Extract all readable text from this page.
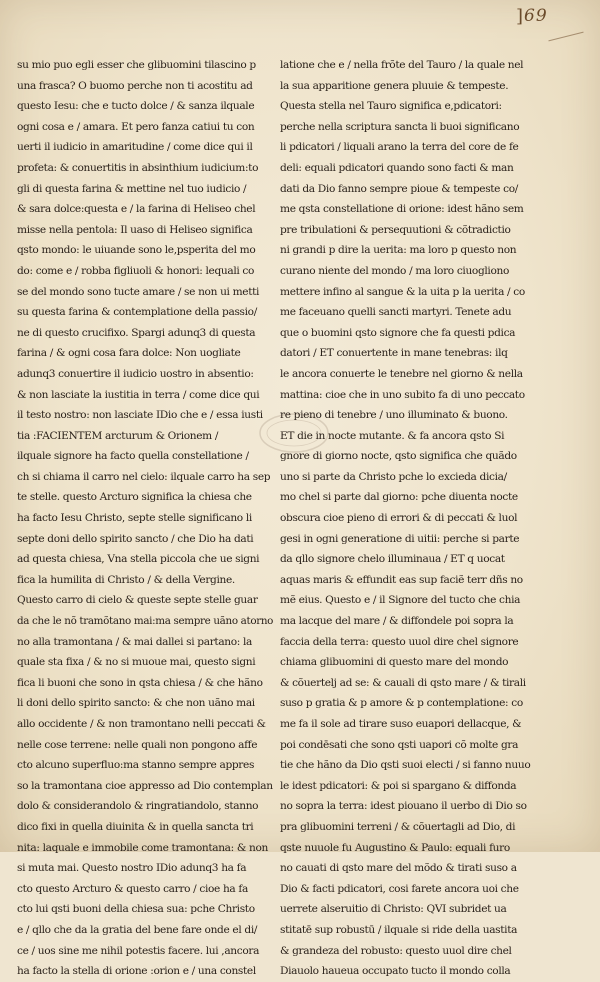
] 69
su mio puo egli esser che glibuomini tilascino p
una frasca? O buomo perche non ti acostitu ad
questo Iesu: che e tucto dolce / & sanza ilquale
ogni cosa e / amara. Et pero fanza catiui tu con
uerti il iudicio in amaritudine / come dice qui il
profeta: & conuertitis in absinthium iudicium:to
gli di questa farina & mettine nel tuo iudicio /
& sara dolce:questa e / la farina di Heliseo chel
misse nella pentola: Il uaso di Heliseo significa
qsto mondo: le uiuande sono le,psperita del mo
do: come e / robba figliuoli & honori: lequali co
se del mondo sono tucte amare / se non ui metti
su questa farina & contemplatione della passio/
ne di questo crucifixo. Spargi adunq3 di questa
farina / & ogni cosa fara dolce: Non uogliate
adunq3 conuertire il iudicio uostro in absentio:
& non lasciate la iustitia in terra / come dice qui
il testo nostro: non lasciate IDio che e / essa iusti
tia :FACIENTEM arcturum & Orionem /
ilquale signore ha facto quella constellatione /
ch si chiama il carro nel cielo: ilquale carro ha sep
te stelle. questo Arcturo significa la chiesa che
ha facto Iesu Christo, septe stelle significano li
septe doni dello spirito sancto / che Dio ha dati
ad questa chiesa, Vna stella piccola che ue signi
fica la humilita di Christo / & della Vergine.
Questo carro di cielo & queste septe stelle guar
da che le nõ tramõtano mai:ma sempre uãno atorno
no alla tramontana / & mai dallei si partano: la
quale sta fixa / & no si muoue mai, questo signi
fica li buoni che sono in qsta chiesa / & che hãno
li doni dello spirito sancto: & che non uãno mai
allo occidente / & non tramontano nelli peccati &
nelle cose terrene: nelle quali non pongono affe
cto alcuno superfluo:ma stanno sempre appres
so la tramontana cioe appresso ad Dio contemplan
dolo & considerandolo & ringratiandolo, stanno
dico fixi in quella diuinita & in quella sancta tri
nita: laquale e immobile come tramontana: & non
si muta mai. Questo nostro IDio adunq3 ha fa
cto questo Arcturo & questo carro / cioe ha fa
cto lui qsti buoni della chiesa sua: pche Christo
e / qllo che da la gratia del bene fare onde el di/
ce / uos sine me nihil potestis facere. lui ,ancora
ha facto la stella di orione :orion e / una constel
latione che e / nella frõte del Tauro / la quale nel
la sua apparitione genera pluuie & tempeste.
Questa stella nel Tauro significa e,pdicatori:
perche nella scriptura sancta li buoi significano
li pdicatori / liquali arano la terra del core de fe
deli: equali pdicatori quando sono facti & man
dati da Dio fanno sempre pioue & tempeste co/
me qsta constellatione di orione: idest hãno sem
pre tribulationi & persequutioni & cõtradictio
ni grandi p dire la uerita: ma loro p questo non
curano niente del mondo / ma loro ciuogliono
mettere infino al sangue & la uita p la uerita / co
me faceuano quelli sancti martyri. Tenete adu
que o buomini qsto signore che fa questi pdica
datori / ET conuertente in mane tenebras: ilq
le ancora conuerte le tenebre nel giorno & nella
mattina: cioe che in uno subito fa di uno peccato
re pieno di tenebre / uno illuminato & buono.
ET die in nocte mutante. & fa ancora qsto Si
gnore di giorno nocte, qsto significa che quãdo
uno si parte da Christo pche lo excieda dicia/
mo chel si parte dal giorno: pche diuenta nocte
obscura cioe pieno di errori & di peccati & luol
gesi in ogni generatione di uitii: perche si parte
da qllo signore chelo illuminaua / ET q uocat
aquas maris & effundit eas sup faciẽ terr dñs no
mẽ eius. Questo e / il Signore del tucto che chia
ma lacque del mare / & diffondele poi sopra la
faccia della terra: questo uuol dire chel signore
chiama glibuomini di questo mare del mondo
& cõuertelj ad se: & cauali di qsto mare / & tirali
suso p gratia & p amore & p contemplatione: co
me fa il sole ad tirare suso euapori dellacque, &
poi condēsati che sono qsti uapori cõ molte gra
tie che hãno da Dio qsti suoi electi / si fanno nuuo
le idest pdicatori: & poi si spargano & diffonda
no sopra la terra: idest piouano il uerbo di Dio so
pra glibuomini terreni / & cõuertagli ad Dio, di
qste nuuole fu Augustino & Paulo: equali furo
no cauati di qsto mare del mõdo & tirati suso a
Dio & facti pdicatori, cosi farete ancora uoi che
uerrete alseruitio di Christo: QVI subridet ua
stitatē sup robustū / ilquale si ride della uastita
& grandeza del robusto: questo uuol dire chel
Diauolo haueua occupato tucto il mondo colla
